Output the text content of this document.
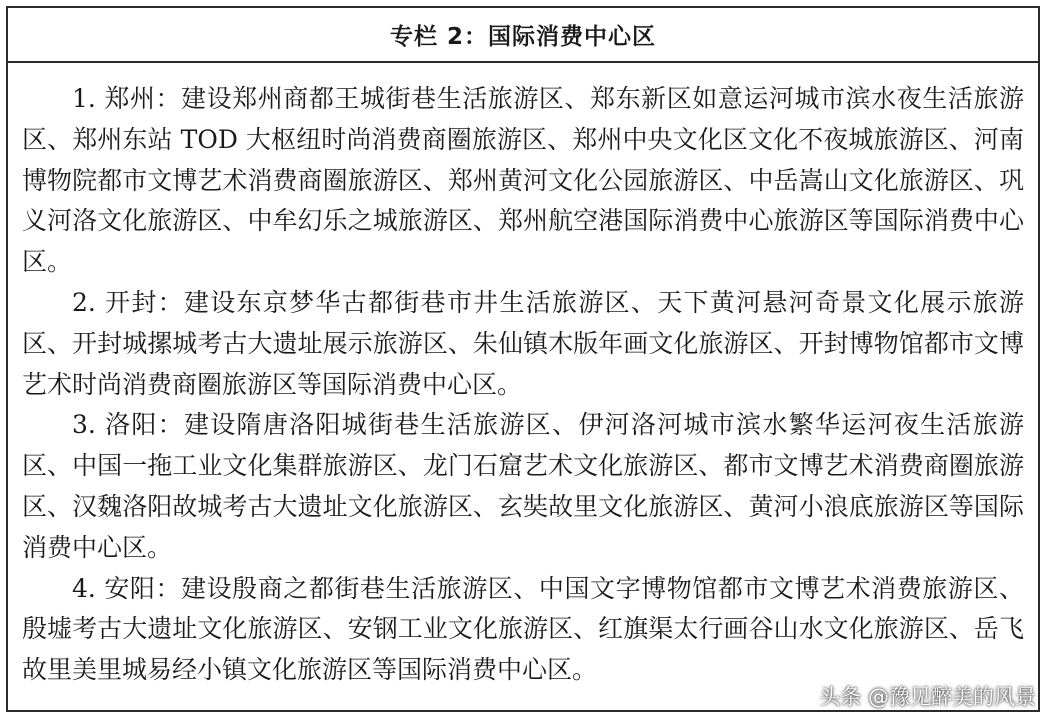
专栏 2：国际消费中心区

1. 郑州：建设郑州商都王城街巷生活旅游区、郑东新区如意运河城市滨水夜生活旅游区、郑州东站 TOD 大枢纽时尚消费商圈旅游区、郑州中央文化区文化不夜城旅游区、河南博物院都市文博艺术消费商圈旅游区、郑州黄河文化公园旅游区、中岳嵩山文化旅游区、巩义河洛文化旅游区、中牟幻乐之城旅游区、郑州航空港国际消费中心旅游区等国际消费中心区。

2. 开封：建设东京梦华古都街巷市井生活旅游区、天下黄河悬河奇景文化展示旅游区、开封城摞城考古大遗址展示旅游区、朱仙镇木版年画文化旅游区、开封博物馆都市文博艺术时尚消费商圈旅游区等国际消费中心区。

3. 洛阳：建设隋唐洛阳城街巷生活旅游区、伊河洛河城市滨水繁华运河夜生活旅游区、中国一拖工业文化集群旅游区、龙门石窟艺术文化旅游区、都市文博艺术消费商圈旅游区、汉魏洛阳故城考古大遗址文化旅游区、玄奘故里文化旅游区、黄河小浪底旅游区等国际消费中心区。

4. 安阳：建设殷商之都街巷生活旅游区、中国文字博物馆都市文博艺术消费旅游区、殷墟考古大遗址文化旅游区、安钢工业文化旅游区、红旗渠太行画谷山水文化旅游区、岳飞故里美里城易经小镇文化旅游区等国际消费中心区。

头条 @豫见醉美的风景
